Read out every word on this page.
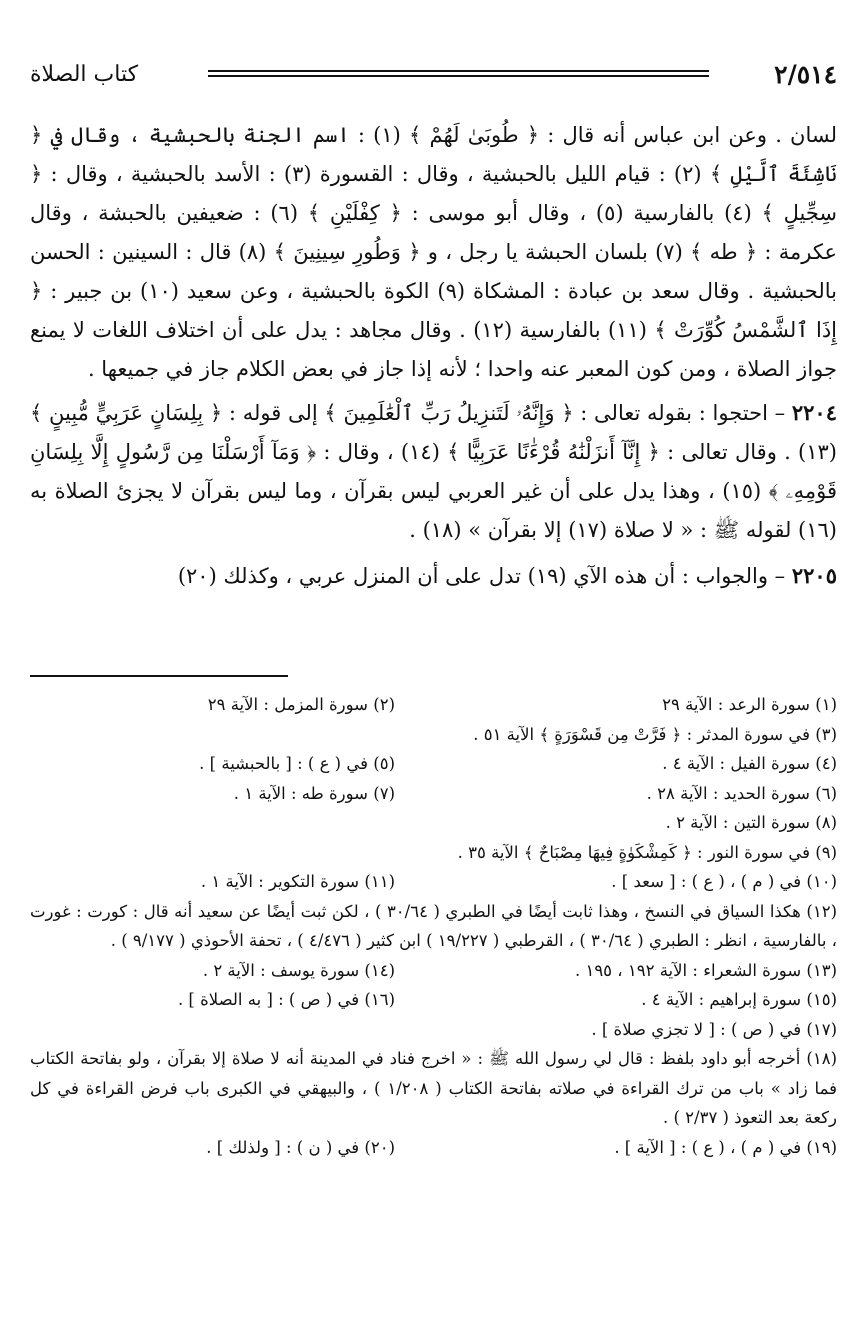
٢/٥١٤
كتاب الصلاة

لسان . وعن ابن عباس أنه قال : ﴿ طُوبَىٰ لَهُمْ ﴾ (١) : اسم الجنة بالحبشية ، وقال في ﴿ نَاشِئَةَ ٱلَّيْلِ ﴾ (٢) : قيام الليل بالحبشية ، وقال : القسورة (٣) : الأسد بالحبشية ، وقال : ﴿ سِجِّيلٍ ﴾ (٤) بالفارسية (٥) ، وقال أبو موسى : ﴿ كِفْلَيْنِ ﴾ (٦) : ضعيفين بالحبشة ، وقال عكرمة : ﴿ طه ﴾ (٧) بلسان الحبشة يا رجل ، و ﴿ وَطُورِ سِينِينَ ﴾ (٨) قال : السينين : الحسن بالحبشية . وقال سعد بن عبادة : المشكاة (٩) الكوة بالحبشية ، وعن سعيد (١٠) بن جبير : ﴿ إِذَا ٱلشَّمْسُ كُوِّرَتْ ﴾ (١١) بالفارسية (١٢) . وقال مجاهد : يدل على أن اختلاف اللغات لا يمنع جواز الصلاة ، ومن كون المعبر عنه واحدا ؛ لأنه إذا جاز في بعض الكلام جاز في جميعها .

٢٢٠٤ – احتجوا : بقوله تعالى : ﴿ وَإِنَّهُۥ لَتَنزِيلُ رَبِّ ٱلْعَٰلَمِينَ ﴾ إلى قوله : ﴿ بِلِسَانٍ عَرَبِيٍّ مُّبِينٍ ﴾ (١٣) . وقال تعالى : ﴿ إِنَّآ أَنزَلْنَٰهُ قُرْءَٰنًا عَرَبِيًّا ﴾ (١٤) ، وقال : ﴿ وَمَآ أَرْسَلْنَا مِن رَّسُولٍ إِلَّا بِلِسَانِ قَوْمِهِۦ ﴾ (١٥) ، وهذا يدل على أن غير العربي ليس بقرآن ، وما ليس بقرآن لا يجزئ الصلاة به (١٦) لقوله ﷺ : « لا صلاة (١٧) إلا بقرآن » (١٨) .

٢٢٠٥ – والجواب : أن هذه الآي (١٩) تدل على أن المنزل عربي ، وكذلك (٢٠)

(١) سورة الرعد : الآية ٢٩
(٢) سورة المزمل : الآية ٢٩
(٣) في سورة المدثر : ﴿ فَرَّتْ مِن قَسْوَرَةٍ ﴾ الآية ٥١ .
(٤) سورة الفيل : الآية ٤ .
(٥) في ( ع ) : [ بالحبشية ] .
(٦) سورة الحديد : الآية ٢٨ .
(٧) سورة طه : الآية ١ .
(٨) سورة التين : الآية ٢ .
(٩) في سورة النور : ﴿ كَمِشْكَوٰةٍ فِيهَا مِصْبَاحٌ ﴾ الآية ٣٥ .
(١٠) في ( م ) ، ( ع ) : [ سعد ] .
(١١) سورة التكوير : الآية ١ .
(١٢) هكذا السياق في النسخ ، وهذا ثابت أيضًا في الطبري ( ٣٠/٦٤ ) ، لكن ثبت أيضًا عن سعيد أنه قال : كورت : غورت ، بالفارسية ، انظر : الطبري ( ٣٠/٦٤ ) ، القرطبي ( ١٩/٢٢٧ ) ابن كثير ( ٤/٤٧٦ ) ، تحفة الأحوذي ( ٩/١٧٧ ) .
(١٣) سورة الشعراء : الآية ١٩٢ ، ١٩٥ .
(١٤) سورة يوسف : الآية ٢ .
(١٥) سورة إبراهيم : الآية ٤ .
(١٦) في ( ص ) : [ به الصلاة ] .
(١٧) في ( ص ) : [ لا تجزي صلاة ] .
(١٨) أخرجه أبو داود بلفظ : قال لي رسول الله ﷺ : « اخرج فناد في المدينة أنه لا صلاة إلا بقرآن ، ولو بفاتحة الكتاب فما زاد » باب من ترك القراءة في صلاته بفاتحة الكتاب ( ١/٢٠٨ ) ، والبيهقي في الكبرى باب فرض القراءة في كل ركعة بعد التعوذ ( ٢/٣٧ ) .
(١٩) في ( م ) ، ( ع ) : [ الآية ] .
(٢٠) في ( ن ) : [ ولذلك ] .
